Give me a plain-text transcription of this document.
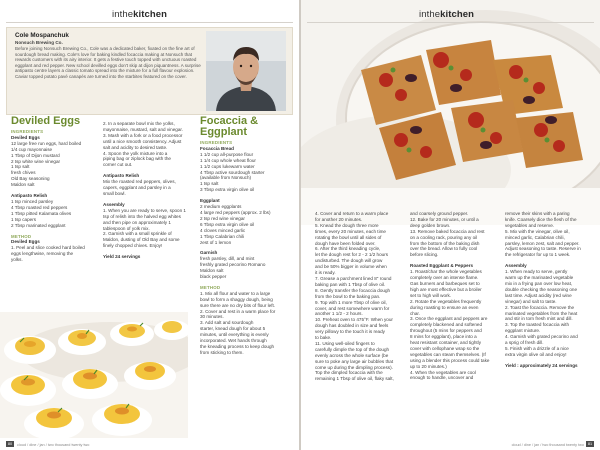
inthekitchen
Cole Mospanchuk
Nonsuch Brewing Co.
Before joining Nonsuch Brewing Co., Cole was a dedicated baker, fixated on the fine art of sourdough bread making. Cole's love for baking kindled focaccia making at Nonsuch that rewards customers with its airy interior. It gets a festive touch topped with unctuous roasted eggplant and red pepper. New school devilled eggs don't skip at dijon piquantness. A surprise antipasto centre layers a classic tomato spread into the mixture for a full flavour explosion. Caviar topped potato pavé canapés are turned into the starbites featured on the cover.
Deviled Eggs

INGREDIENTS

Deviled Eggs

12 large free run eggs, hard boiled

1/4 cup mayonnaise

1 Tbsp of Dijon mustard

2 tsp white wine vinegar

1 tsp salt

fresh chives

Old Bay seasoning

Maldon salt

Antipasto Relish

1 tsp minced parsley

4 Tbsp roasted red peppers

1 Tbsp pitted Kalamata olives

1 tsp capers

2 Tbsp marinated eggplant

METHOD

Deviled Eggs

1. Peel and slice cooked hard boiled

eggs lengthwise, removing the

yolks.

2. In a separate bowl mix the yolks,

mayonnaise, mustard, salt and vinegar.

3. Mash with a fork or a food processor

until a nice smooth consistency. Adjust

salt and acidity to desired taste.

4. Spoon the yolk mixture into a

piping bag or ziplock bag with the

corner cut out.

Antipasto Relish

Mix the roasted red peppers, olives,

capers, eggplant and parsley in a

small bowl.

Assembly

1. When you are ready to serve, spoon 1

tsp of relish into the halved egg whites

and then pipe on approximately 1

tablespoon of yolk mix.

2. Garnish with a small sprinkle of

Maldon, dusting of Old Bay and some

finely chopped chives. Enjoy!

Yield 24 servings

Focaccia &
Eggplant

INGREDIENTS

Focaccia Bread

1 1/2 cup all-purpose flour

1 1/4 cup whole wheat flour

1 1/2 cups lukewarm water

4 Tbsp active sourdough starter

(available from Nonsuch)

1 tsp salt

3 Tbsp extra virgin olive oil

Eggplant

2 medium eggplants

4 large red peppers (approx. 2 lbs)

2 tsp red wine vinegar

6 Tbsp extra virgin olive oil

4 cloves minced garlic

1 Tbsp Calabrian chili

zest of 1 lemon

Garnish

fresh parsley, dill, and mint

freshly grated pecorino Romano

Maldon salt

black pepper

METHOD

1. Mix all flour and water to a large

bowl to form a shaggy dough, being

sure there are no dry bits of flour left.

2. Cover and rest in a warm place for

30 minutes.

3. Add salt and sourdough

starter, knead dough for about 5

minutes, until everything is evenly

incorporated. Wet hands through

the kneading process to keep dough

from sticking to them.

80	cloud / dine / jan / two thousand twenty two
inthekitchen

4. Cover and return to a warm place

for another 20 minutes.

5. Knead the dough three more

times, every 20 minutes, each time

rotating the bowl until all sides of

dough have been folded over.

6. After the third kneading cycle,

let the dough rest for 2 - 2 1/2 hours

undisturbed. The dough will grow

and be 50% bigger in volume when

it is ready.

7. Grease a parchment lined 8" round

baking pan with 1 Tbsp of olive oil.

8. Gently transfer the focaccia dough

from the bowl to the baking pan.

9. Top with 1 more Tbsp of olive oil,

cover, and rest somewhere warm for

another 1 1/2 - 2 hours.

10. Preheat oven to 475°F. When your

dough has doubled in size and feels

very pillowy to the touch it is ready

to bake.

11. Using well-oiled fingers to

carefully dimple the top of the dough

evenly across the whole surface (be

sure to poke any large air bubbles that

come up during the dimpling process).

Top the dimpled focaccia with the

remaining 1 Tbsp of olive oil, flaky salt,

and coarsely ground pepper.

12. Bake for 20 minutes, or until a

deep golden brown.

13. Remove baked focaccia and rest

on a cooling rack, pouring any oil

from the bottom of the baking dish

over the bread. Allow to fully cool

before slicing.

Roasted Eggplant & Peppers

1. Roast/char the whole vegetables

completely over an intense flame.

Gas burners and barbeques set to

high are most effective but a broiler

set to high will work.

2. Rotate the vegetables frequently

during roasting to ensure an even

char.

3. Once the eggplant and peppers are

completely blackened and softened

throughout (5 mins for peppers and

8 mins for eggplant), place into a

heat resistant container, and tightly

cover with cellophane wrap so the

vegetables can steam themselves. (If

using a blender this process could take

up to 20 minutes.)

4. When the vegetables are cool

enough to handle, uncover and

remove their skins with a paring

knife. Coarsely dice the flesh of the

vegetables and reserve.

5. Mix with the vinegar, olive oil,

minced garlic, Calabrian chili,

parsley, lemon zest, salt and pepper.

Adjust seasoning to taste. Reserve in

the refrigerator for up to 1 week.

Assembly

1. When ready to serve, gently

warm up the marinated vegetable

mix in a frying pan over low heat,

double checking the seasoning one

last time. Adjust acidity (red wine

vinegar) and salt to taste.

2. Toast the focaccia. Remove the

marinated vegetables from the heat

and stir in torn fresh mint and dill.

3. Top the toasted focaccia with

eggplant mixture.

4. Garnish with grated pecorino and

a sprig of fresh dill.

5. Finish with a drizzle of a nice

extra virgin olive oil and enjoy!

Yield : approximately 24 servings

cloud / dine / jan / two thousand twenty two	81
